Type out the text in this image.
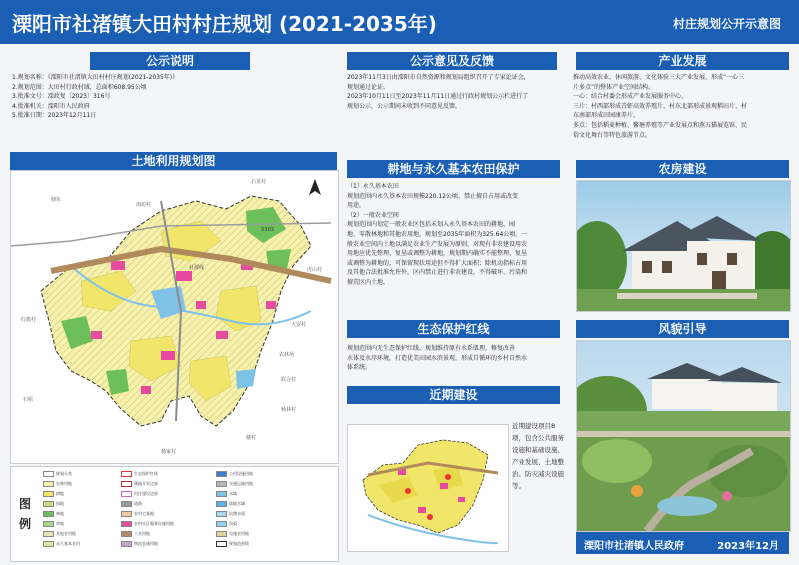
溧阳市社渚镇大田村村庄规划 (2021-2035年)	村庄规划公开示意图
公示说明
1.规划名称：《溧阳市社渚镇大田村村庄规划(2021-2035年)》
2.规划范围：大田村行政村域，总面积608.95公顷
3.批准文号：溧政复〔2023〕316号
4.批准机关：溧阳市人民政府
5.批准日期：2023年12月11日
公示意见及反馈
2023年11月3日由溧阳市自然资源和规划局组织召开了专家论证会，
规划通过论证。
2023年10月11日至2023年11月11日通过行政村规划公示栏进行了
规划公示，公示期间未收到不同意见反馈。
产业发展
推动高效农业、休闲旅游、文化体验三大产业发展，形成“一心三
片多点”的整体产业空间结构。
一心：结合村委会形成产业发展服务中心。
三片：村西部形成青虾高效养殖片、村东北部形成景观稻田片、村
东南部形成田园康养片。
多点：包括稻麦种植、鳖塘养殖等产业发展点和燕五猫展览馆、民
俗文化舞台等特色旅游节点。
土地利用规划图
X303
社溧线
塘东
南坊村
石龙村
虎山村
红旗村
石咀
农林场
联合村
大安村
杨林村
楼村
杨家村
图
例
规划分类
农林用地
耕地
园地
林地
草地
其他农用地
永久基本农田
生态保护红线
城镇开发边界
村庄建设边界
道路
农村宅基地
农村社区服务设施用地
工业用地
物流仓储用地
公用设施用地
交通运输用地
水域
陆地水域
坑塘水面
沟渠
设施农用地
规划范围线
耕地与永久基本农田保护
（1）永久基本农田
规划范围内永久基本农田规模220.12公顷，禁止擅自占用或改变
用途。
（2）一般农业空间
规划范围内划定一般农业区包括未划入永久基本农田的耕地、园
地、零散林地和其他农用地，规划至2035年面积为325.64公顷。一
般农业空间内土地以满足农业生产发展为原则，对现有非农建设用农
用地应优先整理、复垦或调整为耕地，规划期内确实不能整理、复垦
或调整为耕地的，可保留现状用途但不得扩大面积；除机动指标占用
及其他合法批准允许外，区内禁止进行非农建设，不得破坏、污染和
擅荒区内土地。
生态保护红线
规划范围内无生态保护红线。规划维持原有水系肌理，修复改善
水体及水岸环境，打造优美田园水滨景观，形成自循环的乡村自然水
体系统。
近期建设
近期建设项目8
项，包含公共服务
设施和基础设施、
产业发展、土地整
治、防灾减灾设施
等。
农房建设
风貌引导
溧阳市社渚镇人民政府	2023年12月
